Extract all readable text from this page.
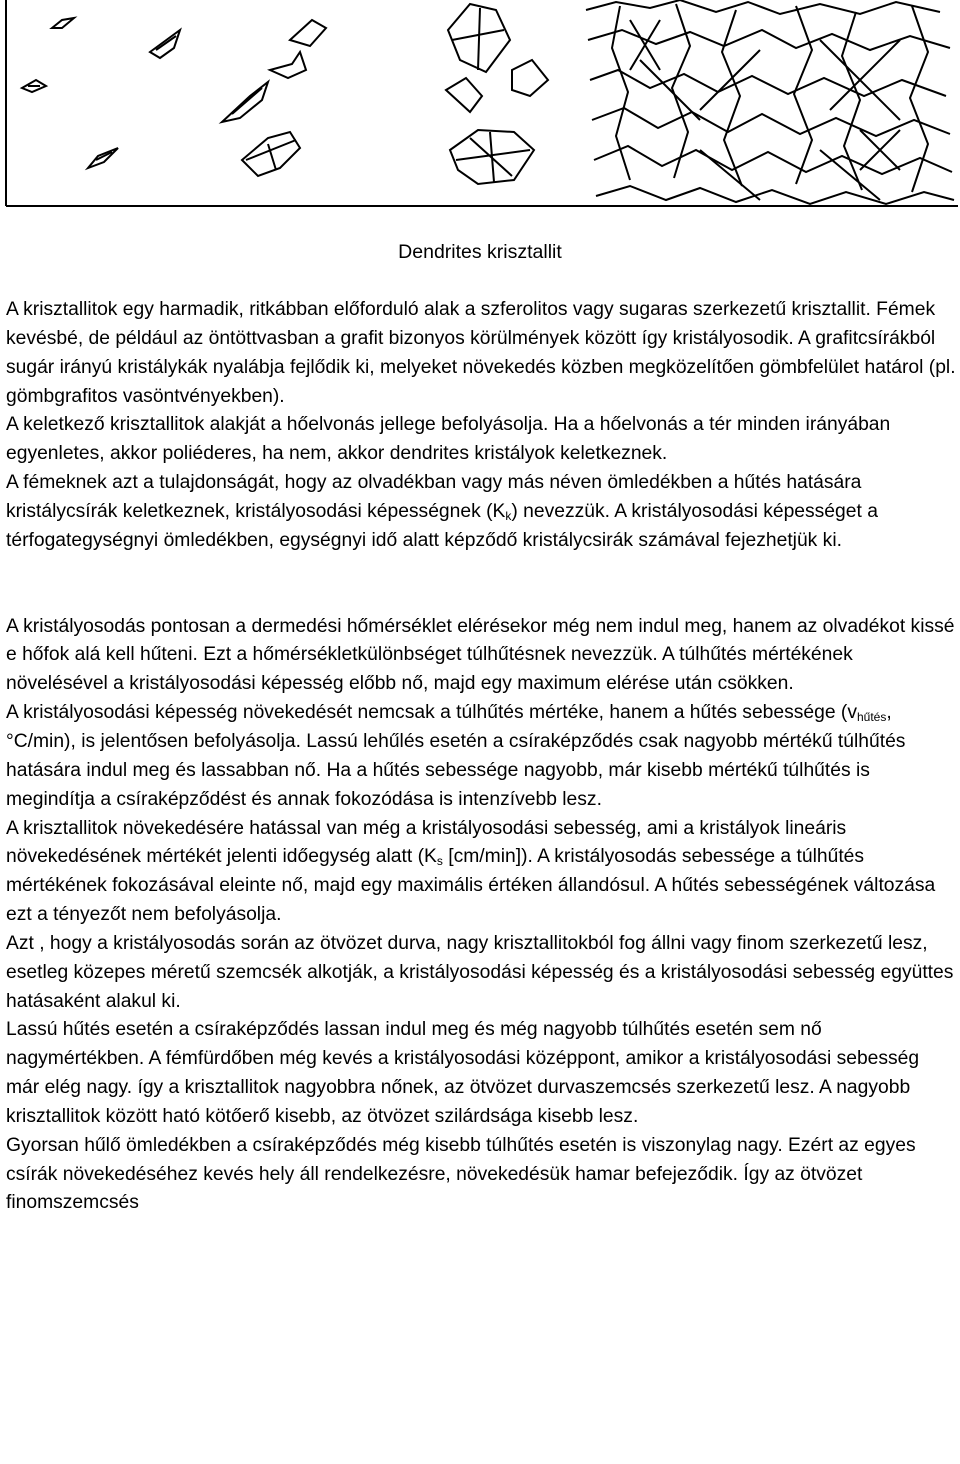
Dendrites krisztallit

A krisztallitok egy harmadik, ritkábban előforduló alak a szferolitos vagy sugaras szerkezetű krisztallit. Fémek kevésbé, de például az öntöttvasban a grafit bizonyos körülmények között így kristályosodik. A grafitcsírákból sugár irányú kristálykák nyalábja fejlődik ki, melyeket növekedés közben megközelítően gömbfelület határol (pl. gömbgrafitos vasöntvényekben).

A keletkező krisztallitok alakját a hőelvonás jellege befolyásolja. Ha a hőelvonás a tér minden irányában egyenletes, akkor poliéderes, ha nem, akkor dendrites kristályok keletkeznek.

A fémeknek azt a tulajdonságát, hogy az olvadékban vagy más néven ömledékben a hűtés hatására kristálycsírák keletkeznek, kristályosodási képességnek $(K_k)$ nevezzük. A kristályosodási képességet a térfogategységnyi ömledékben, egységnyi idő alatt képződő kristálycsirák számával fejezhetjük ki.

A kristályosodás pontosan a dermedési hőmérséklet elérésekor még nem indul meg, hanem az olvadékot kissé e hőfok alá kell hűteni. Ezt a hőmérsékletkülönbséget túlhűtésnek nevezzük. A túlhűtés mértékének növelésével a kristályosodási képesség előbb nő, majd egy maximum elérése után csökken.

A kristályosodási képesség növekedését nemcsak a túlhűtés mértéke, hanem a hűtés sebessége ($v_{hűtés}$, °C/min), is jelentősen befolyásolja. Lassú lehűlés esetén a csíraképződés csak nagyobb mértékű túlhűtés hatására indul meg és lassabban nő. Ha a hűtés sebessége nagyobb, már kisebb mértékű túlhűtés is megindítja a csíraképződést és annak fokozódása is intenzívebb lesz.

A krisztallitok növekedésére hatással van még a kristályosodási sebesség, ami a kristályok lineáris növekedésének mértékét jelenti időegység alatt ($K_s$ [cm/min]). A kristályosodás sebessége a túlhűtés mértékének fokozásával eleinte nő, majd egy maximális értéken állandósul. A hűtés sebességének változása ezt a tényezőt nem befolyásolja.

Azt , hogy a kristályosodás során az ötvözet durva, nagy krisztallitokból fog állni vagy finom szerkezetű lesz, esetleg közepes méretű szemcsék alkotják, a kristályosodási képesség és a kristályosodási sebesség együttes hatásaként alakul ki.

Lassú hűtés esetén a csíraképződés lassan indul meg és még nagyobb túlhűtés esetén sem nő nagymértékben. A fémfürdőben még kevés a kristályosodási középpont, amikor a kristályosodási sebesség már elég nagy. így a krisztallitok nagyobbra nőnek, az ötvözet durvaszemcsés szerkezetű lesz. A nagyobb krisztallitok között ható kötőerő kisebb, az ötvözet szilárdsága kisebb lesz.

Gyorsan hűlő ömledékben a csíraképződés még kisebb túlhűtés esetén is viszonylag nagy. Ezért az egyes csírák növekedéséhez kevés hely áll rendelkezésre, növekedésük hamar befejeződik. Így az ötvözet finomszemcsés
